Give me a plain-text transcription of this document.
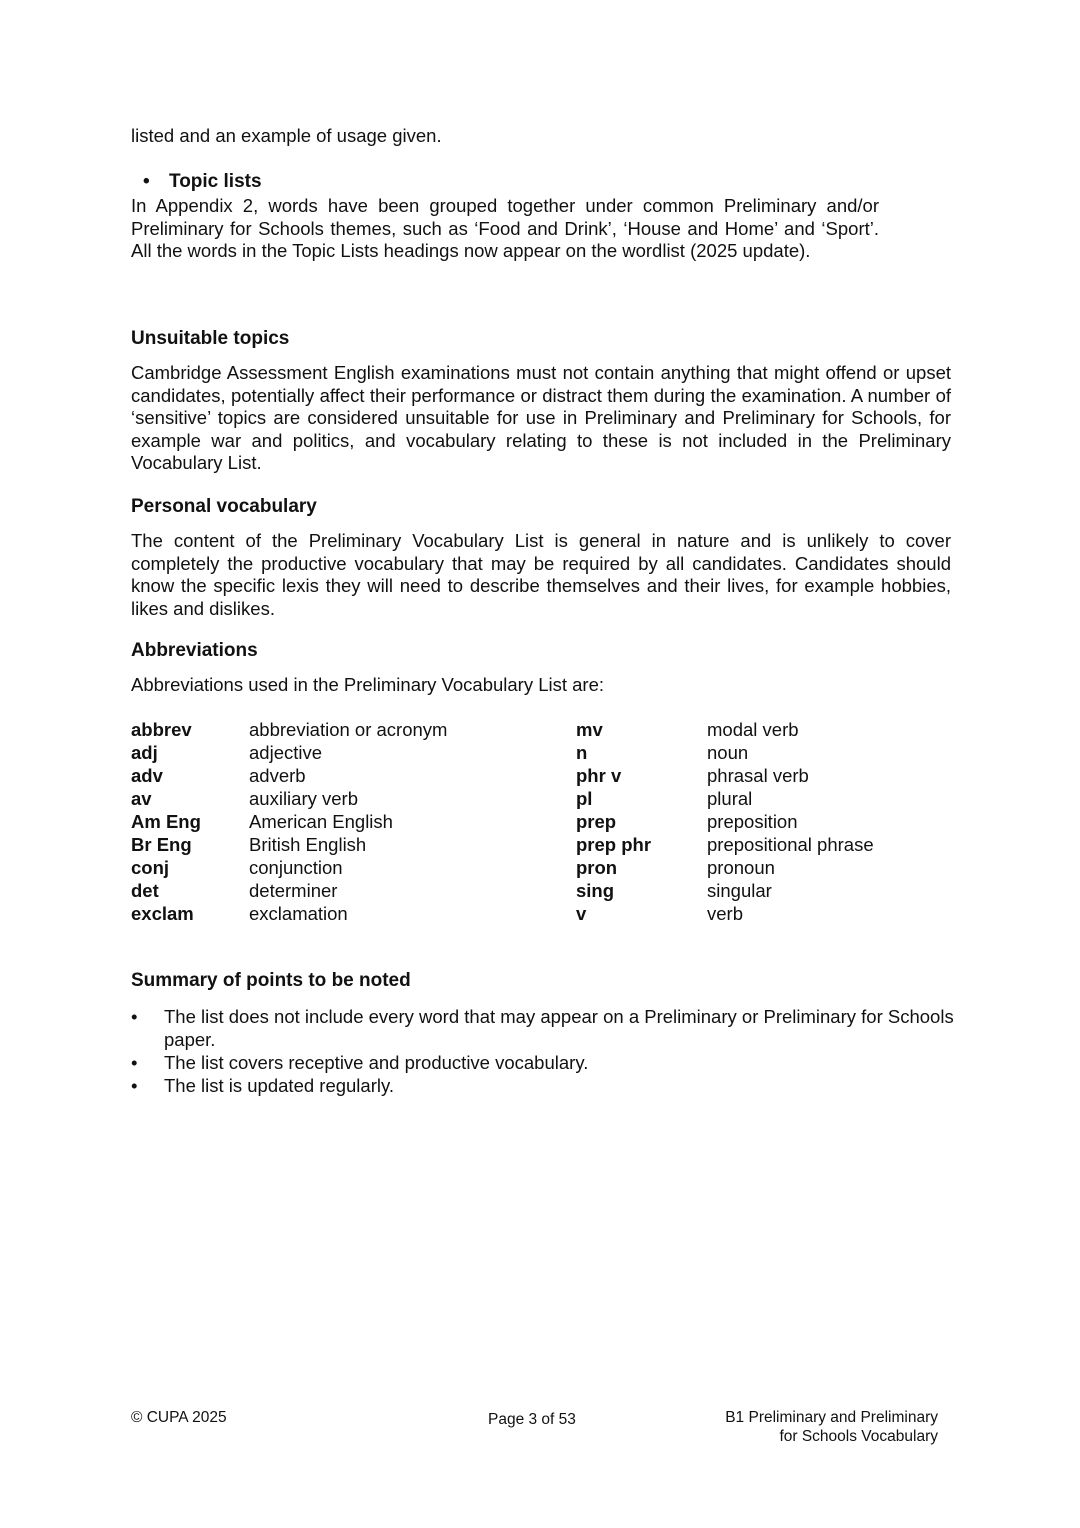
listed and an example of usage given.
• Topic lists
In Appendix 2, words have been grouped together under common Preliminary and/or Preliminary for Schools themes, such as ‘Food and Drink’, ‘House and Home’ and ‘Sport’. All the words in the Topic Lists headings now appear on the wordlist (2025 update).
Unsuitable topics
Cambridge Assessment English examinations must not contain anything that might offend or upset candidates, potentially affect their performance or distract them during the examination. A number of ‘sensitive’ topics are considered unsuitable for use in Preliminary and Preliminary for Schools, for example war and politics, and vocabulary relating to these is not included in the Preliminary Vocabulary List.
Personal vocabulary
The content of the Preliminary Vocabulary List is general in nature and is unlikely to cover completely the productive vocabulary that may be required by all candidates. Candidates should know the specific lexis they will need to describe themselves and their lives, for example hobbies, likes and dislikes.
Abbreviations
Abbreviations used in the Preliminary Vocabulary List are:
abbrev	abbreviation or acronym	mv	modal verb
adj	adjective	n	noun
adv	adverb	phr v	phrasal verb
av	auxiliary verb	pl	plural
Am Eng	American English	prep	preposition
Br Eng	British English	prep phr	prepositional phrase
conj	conjunction	pron	pronoun
det	determiner	sing	singular
exclam	exclamation	v	verb
Summary of points to be noted
• The list does not include every word that may appear on a Preliminary or Preliminary for Schools paper.
• The list covers receptive and productive vocabulary.
• The list is updated regularly.
© CUPA 2025	Page 3 of 53	B1 Preliminary and Preliminary
for Schools Vocabulary
